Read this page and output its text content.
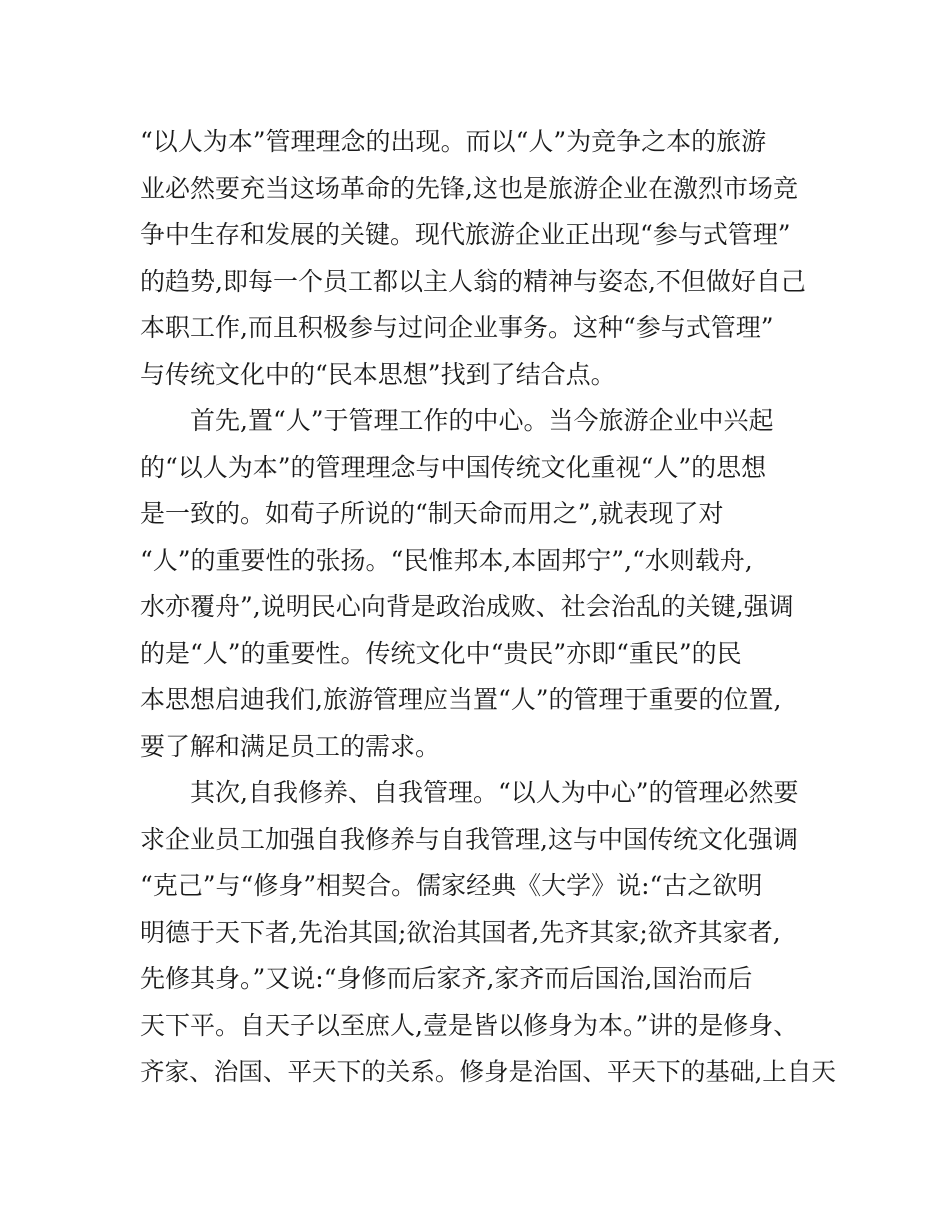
“以人为本”管理理念的出现。而以“人”为竞争之本的旅游
业必然要充当这场革命的先锋,这也是旅游企业在激烈市场竞
争中生存和发展的关键。现代旅游企业正出现“参与式管理”
的趋势,即每一个员工都以主人翁的精神与姿态,不但做好自己
本职工作,而且积极参与过问企业事务。这种“参与式管理”
与传统文化中的“民本思想”找到了结合点。
首先,置“人”于管理工作的中心。当今旅游企业中兴起
的“以人为本”的管理理念与中国传统文化重视“人”的思想
是一致的。如荀子所说的“制天命而用之”,就表现了对
“人”的重要性的张扬。“民惟邦本,本固邦宁”,“水则载舟,
水亦覆舟”,说明民心向背是政治成败、社会治乱的关键,强调
的是“人”的重要性。传统文化中“贵民”亦即“重民”的民
本思想启迪我们,旅游管理应当置“人”的管理于重要的位置,
要了解和满足员工的需求。
其次,自我修养、自我管理。“以人为中心”的管理必然要
求企业员工加强自我修养与自我管理,这与中国传统文化强调
“克己”与“修身”相契合。儒家经典《大学》说:“古之欲明
明德于天下者,先治其国;欲治其国者,先齐其家;欲齐其家者,
先修其身。”又说:“身修而后家齐,家齐而后国治,国治而后
天下平。自天子以至庶人,壹是皆以修身为本。”讲的是修身、
齐家、治国、平天下的关系。修身是治国、平天下的基础,上自天
